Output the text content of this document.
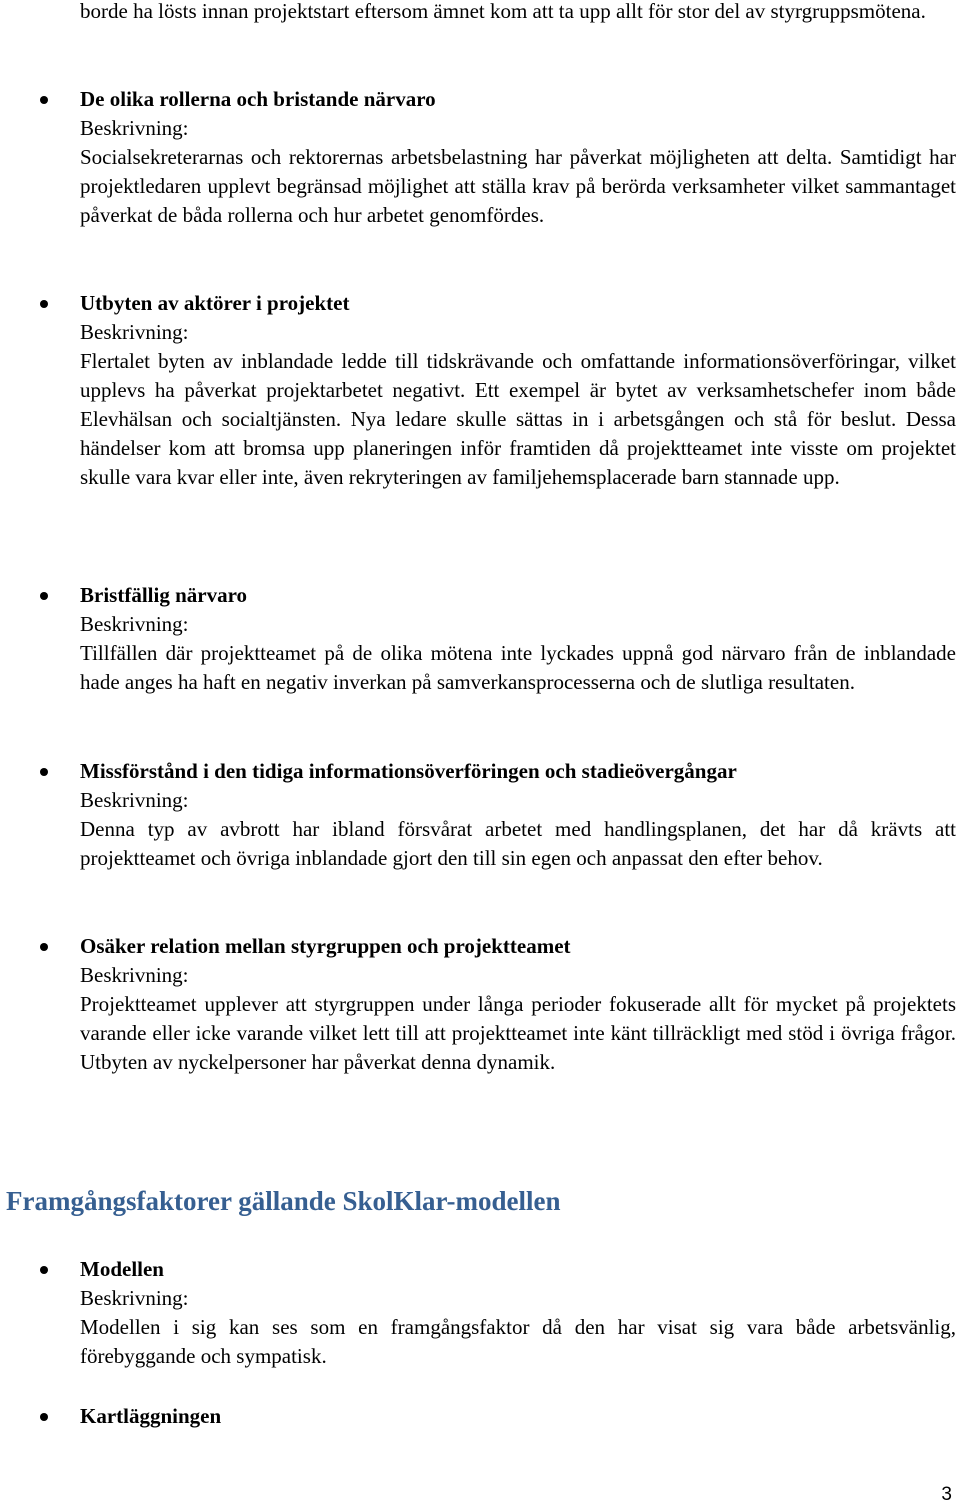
borde ha lösts innan projektstart eftersom ämnet kom att ta upp allt för stor del av styrgruppsmötena.
De olika rollerna och bristande närvaro
Beskrivning:
Socialsekreterarnas och rektorernas arbetsbelastning har påverkat möjligheten att delta. Samtidigt har projektledaren upplevt begränsad möjlighet att ställa krav på berörda verksamheter vilket sammantaget påverkat de båda rollerna och hur arbetet genomfördes.
Utbyten av aktörer i projektet
Beskrivning:
Flertalet byten av inblandade ledde till tidskrävande och omfattande informationsöverföringar, vilket upplevs ha påverkat projektarbetet negativt. Ett exempel är bytet av verksamhetschefer inom både Elevhälsan och socialtjänsten. Nya ledare skulle sättas in i arbetsgången och stå för beslut. Dessa händelser kom att bromsa upp planeringen inför framtiden då projektteamet inte visste om projektet skulle vara kvar eller inte, även rekryteringen av familjehemsplacerade barn stannade upp.
Bristfällig närvaro
Beskrivning:
Tillfällen där projektteamet på de olika mötena inte lyckades uppnå god närvaro från de inblandade hade anges ha haft en negativ inverkan på samverkansprocesserna och de slutliga resultaten.
Missförstånd i den tidiga informationsöverföringen och stadieövergångar
Beskrivning:
Denna typ av avbrott har ibland försvårat arbetet med handlingsplanen, det har då krävts att projektteamet och övriga inblandade gjort den till sin egen och anpassat den efter behov.
Osäker relation mellan styrgruppen och projektteamet
Beskrivning:
Projektteamet upplever att styrgruppen under långa perioder fokuserade allt för mycket på projektets varande eller icke varande vilket lett till att projektteamet inte känt tillräckligt med stöd i övriga frågor. Utbyten av nyckelpersoner har påverkat denna dynamik.
Framgångsfaktorer gällande SkolKlar-modellen
Modellen
Beskrivning:
Modellen i sig kan ses som en framgångsfaktor då den har visat sig vara både arbetsvänlig, förebyggande och sympatisk.
Kartläggningen
3
